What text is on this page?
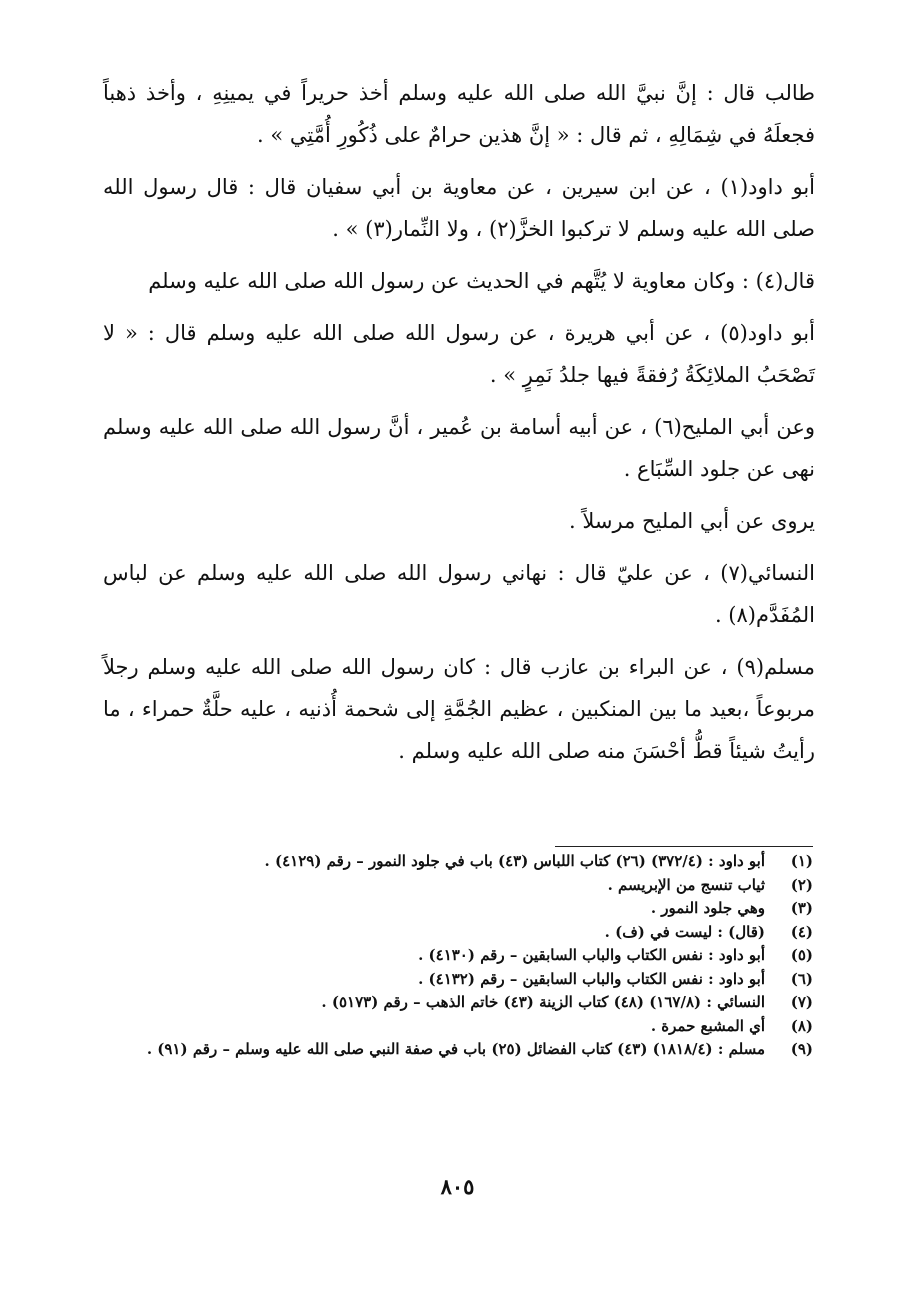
طالب قال : إنَّ نبيَّ الله صلى الله عليه وسلم أخذ حريراً في يمينِهِ ، وأخذ ذهباً فجعلَهُ في شِمَالِهِ ، ثم قال : « إنَّ هذين حرامٌ على ذُكُورِ أُمَّتِي » .

أبو داود(١) ، عن ابن سيرين ، عن معاوية بن أبي سفيان قال : قال رسول الله صلى الله عليه وسلم لا تركبوا الخزَّ(٢) ، ولا النِّمار(٣) » .

قال(٤) : وكان معاوية لا يُتَّهم في الحديث عن رسول الله صلى الله عليه وسلم

أبو داود(٥) ، عن أبي هريرة ، عن رسول الله صلى الله عليه وسلم قال : « لا تَصْحَبُ الملائِكَةُ رُفقةً فيها جلدُ نَمِرٍ » .

وعن أبي المليح(٦) ، عن أبيه أسامة بن عُمير ، أنَّ رسول الله صلى الله عليه وسلم نهى عن جلود السِّبَاع .

يروى عن أبي المليح مرسلاً .

النسائي(٧) ، عن عليّ قال : نهاني رسول الله صلى الله عليه وسلم عن لباس المُفَدَّم(٨) .

مسلم(٩) ، عن البراء بن عازب قال : كان رسول الله صلى الله عليه وسلم رجلاً مربوعاً ،بعيد ما بين المنكبين ، عظيم الجُمَّةِ إلى شحمة أُذنيه ، عليه حلَّةٌ حمراء ، ما رأيتُ شيئاً قطُّ أحْسَنَ منه صلى الله عليه وسلم .

(١)
أبو داود : (٣٧٢/٤) (٢٦) كتاب اللباس (٤٣) باب في جلود النمور – رقم (٤١٢٩) .
(٢)
ثياب تنسج من الإبريسم .
(٣)
وهي جلود النمور .
(٤)
(قال) : ليست في (ف) .
(٥)
أبو داود : نفس الكتاب والباب السابقين – رقم (٤١٣٠) .
(٦)
أبو داود : نفس الكتاب والباب السابقين – رقم (٤١٣٢) .
(٧)
النسائي : (١٦٧/٨) (٤٨) كتاب الزينة (٤٣) خاتم الذهب – رقم (٥١٧٣) .
(٨)
أي المشبع حمرة .
(٩)
مسلم : (١٨١٨/٤) (٤٣) كتاب الفضائل (٢٥) باب في صفة النبي صلى الله عليه وسلم – رقم (٩١) .
٨٠٥
